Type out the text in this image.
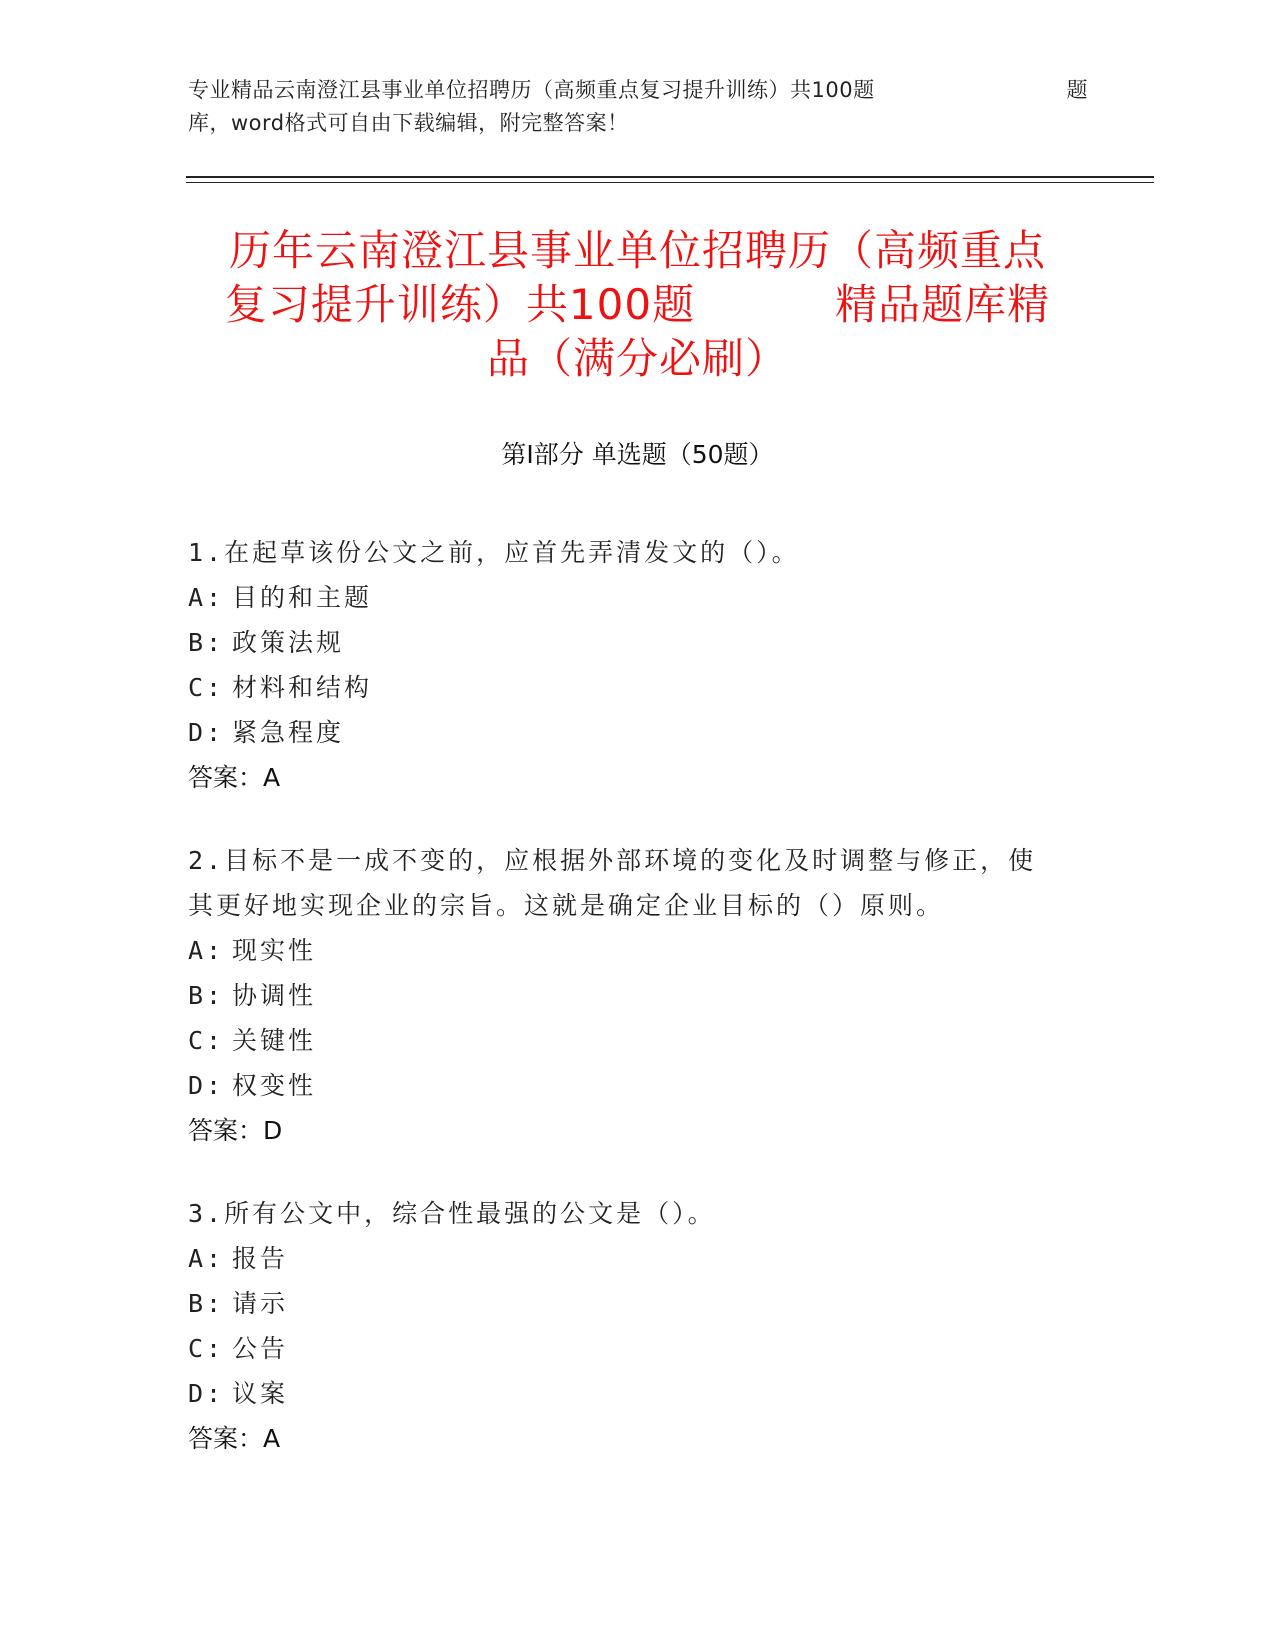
专业精品云南澄江县事业单位招聘历（高频重点复习提升训练）共100题	题
库，word格式可自由下载编辑，附完整答案！
历年云南澄江县事业单位招聘历（高频重点
复习提升训练）共100题	精品题库精
品（满分必刷）
第Ⅰ部分 单选题（50题）
1.在起草该份公文之前，应首先弄清发文的（）。
A: 目的和主题
B: 政策法规
C: 材料和结构
D: 紧急程度
答案：A
2.目标不是一成不变的，应根据外部环境的变化及时调整与修正，使
其更好地实现企业的宗旨。这就是确定企业目标的（）原则。
A: 现实性
B: 协调性
C: 关键性
D: 权变性
答案：D
3.所有公文中，综合性最强的公文是（）。
A: 报告
B: 请示
C: 公告
D: 议案
答案：A
